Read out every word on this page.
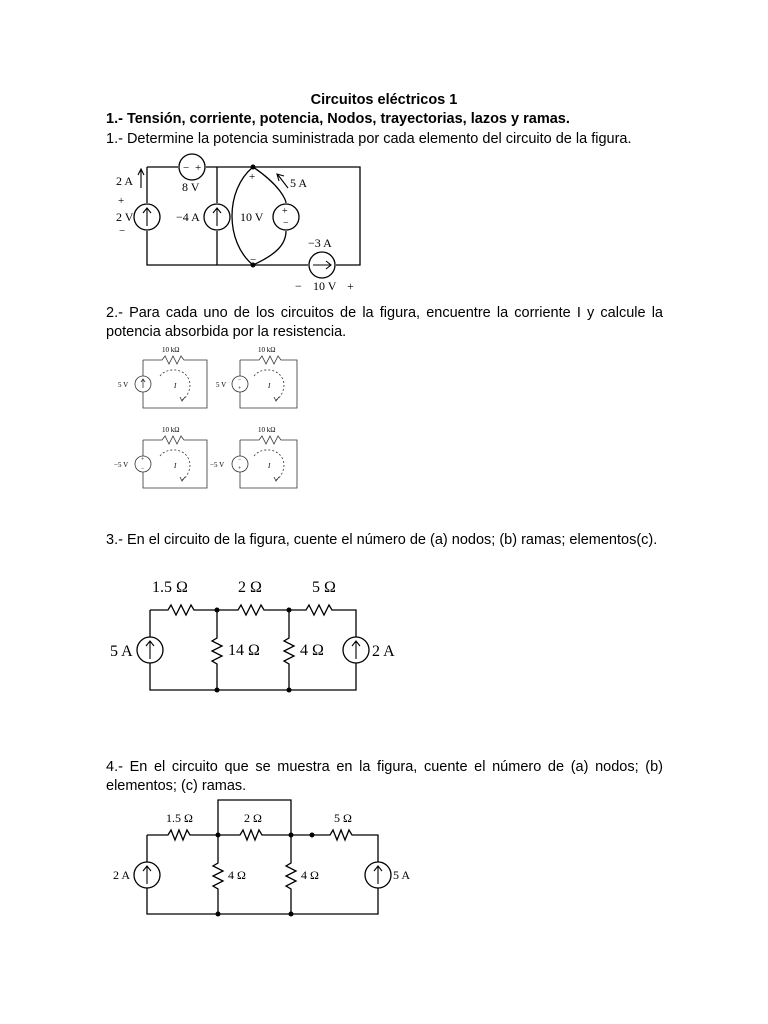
Circuitos eléctricos 1
1.- Tensión, corriente, potencia, Nodos, trayectorias, lazos y ramas.
1.- Determine la potencia suministrada por cada elemento del circuito de la figura.
2.- Para cada uno de los circuitos de la figura, encuentre la corriente I y calcule la potencia absorbida por la resistencia.
3.- En el circuito de la figura, cuente el número de (a) nodos; (b) ramas; elementos(c).
4.- En el circuito que se muestra en la figura, cuente el número de (a) nodos; (b) elementos; (c) ramas.
− +
+
−
2 A
+
2 V
−
8 V
−4 A	10 V
5 A
+
−
−3 A
− 10 V +
10 kΩ
5 V	I
−
+
10 kΩ
5 V	I
+
−
10 kΩ
−5 V	I
−
+
10 kΩ
−5 V	I
1.5 Ω	2 Ω	5 Ω
14 Ω	4 Ω
5 A	2 A
1.5 Ω	2 Ω	5 Ω
4 Ω	4 Ω
2 A	5 A
